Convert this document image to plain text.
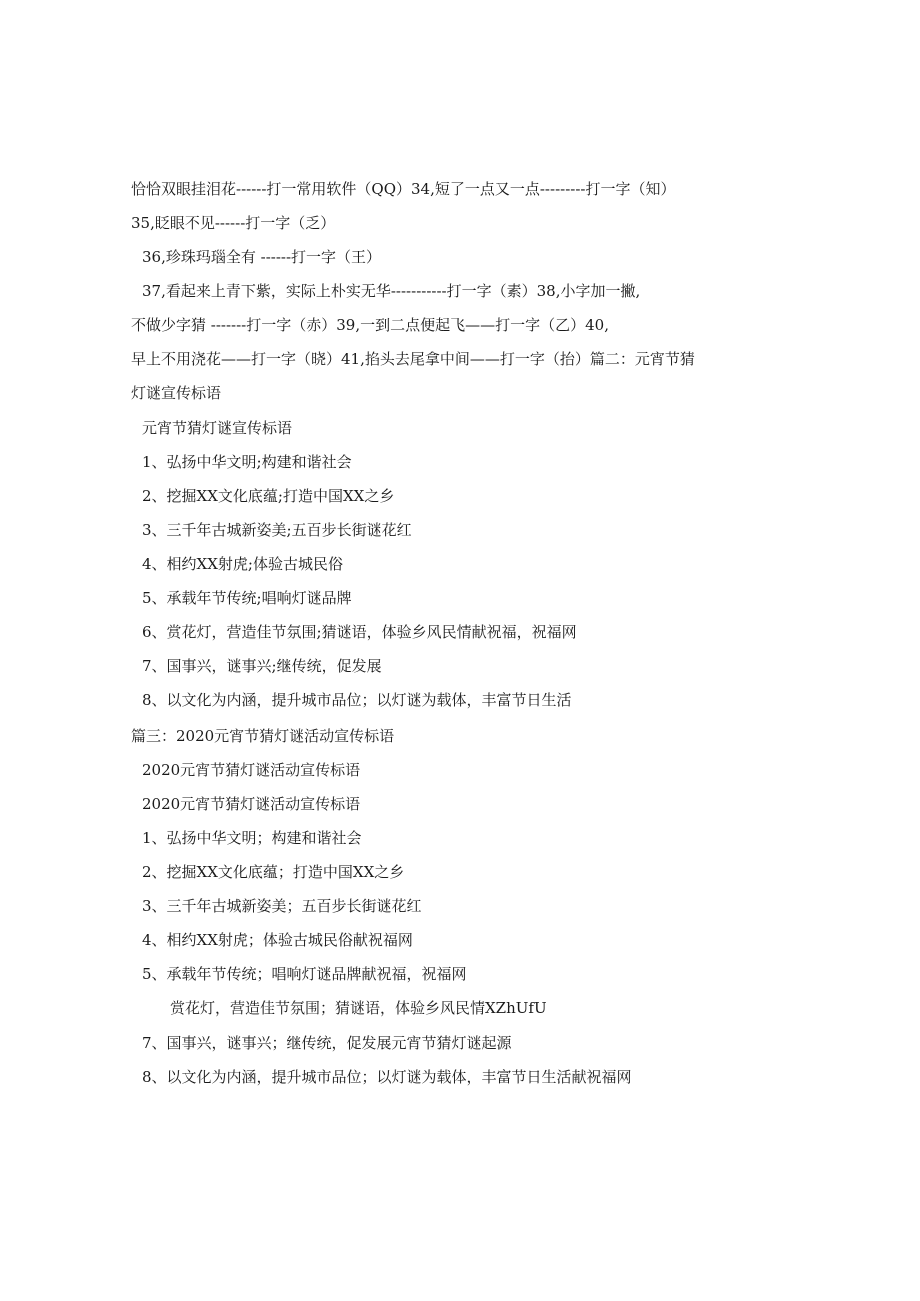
恰恰双眼挂泪花------打一常用软件（QQ）34,短了一点又一点---------打一字（知）
35,眨眼不见------打一字（乏）
36,珍珠玛瑙全有 ------打一字（王）
37,看起来上青下紫，实际上朴实无华-----------打一字（素）38,小字加一撇,
不做少字猜 -------打一字（赤）39,一到二点便起飞——打一字（乙）40,
早上不用浇花——打一字（晓）41,掐头去尾拿中间——打一字（抬）篇二：元宵节猜
灯谜宣传标语
元宵节猜灯谜宣传标语
1、弘扬中华文明;构建和谐社会
2、挖掘XX文化底蕴;打造中国XX之乡
3、三千年古城新姿美;五百步长街谜花红
4、相约XX射虎;体验古城民俗
5、承载年节传统;唱响灯谜品牌
6、赏花灯，营造佳节氛围;猜谜语，体验乡风民情献祝福，祝福网
7、国事兴，谜事兴;继传统，促发展
8、以文化为内涵，提升城市品位；以灯谜为载体，丰富节日生活
篇三：2020元宵节猜灯谜活动宣传标语
2020元宵节猜灯谜活动宣传标语
2020元宵节猜灯谜活动宣传标语
1、弘扬中华文明；构建和谐社会
2、挖掘XX文化底蕴；打造中国XX之乡
3、三千年古城新姿美；五百步长街谜花红
4、相约XX射虎；体验古城民俗献祝福网
5、承载年节传统；唱响灯谜品牌献祝福，祝福网
赏花灯，营造佳节氛围；猜谜语，体验乡风民情XZhUfU
7、国事兴，谜事兴；继传统，促发展元宵节猜灯谜起源
8、以文化为内涵，提升城市品位；以灯谜为载体，丰富节日生活献祝福网
